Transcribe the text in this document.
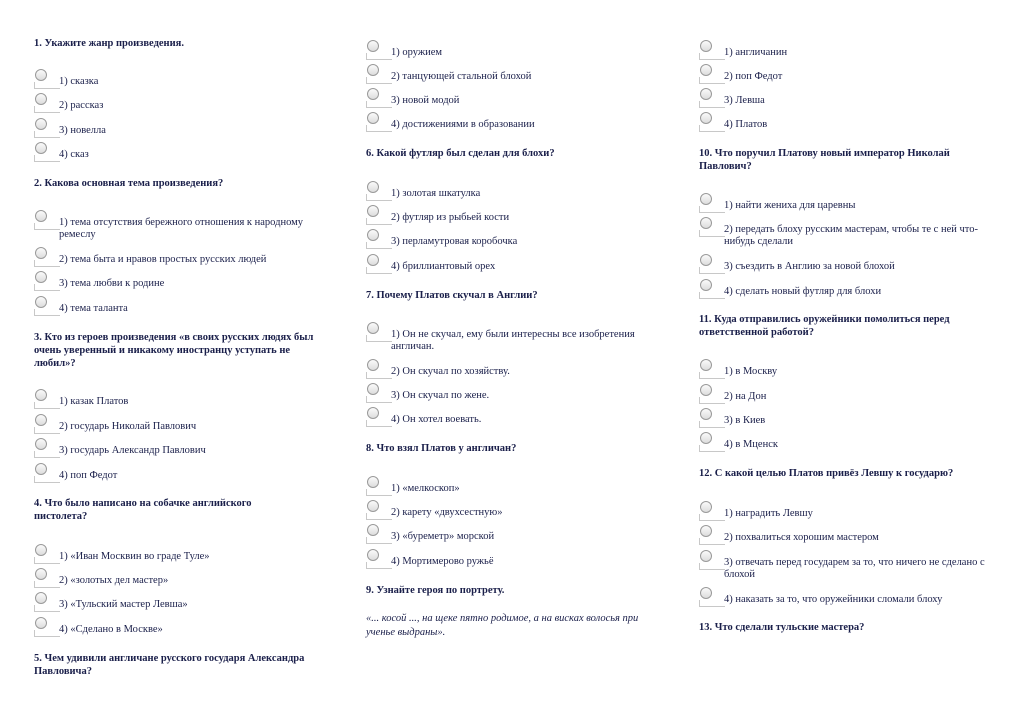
1. Укажите жанр произведения.

1) сказка
2) рассказ
3) новелла
4) сказ

2. Какова основная тема произведения?

1) тема отсутствия бережного отношения к народному ремеслу
2) тема быта и нравов простых русских людей
3) тема любви к родине
4) тема таланта

3. Кто из героев произведения «в своих русских людях был очень уверенный и никакому иностранцу уступать не любил»?

1) казак Платов
2) государь Николай Павлович
3) государь Александр Павлович
4) поп Федот

4. Что было написано на собачке английского пистолета?

1) «Иван Москвин во граде Туле»
2) «золотых дел мастер»
3) «Тульский мастер Левша»
4) «Сделано в Москве»

5. Чем удивили англичане русского государя Александра Павловича?

1) оружием
2) танцующей стальной блохой
3) новой модой
4) достижениями в образовании

6. Какой футляр был сделан для блохи?

1) золотая шкатулка
2) футляр из рыбьей кости
3) перламутровая коробочка
4) бриллиантовый орех

7. Почему Платов скучал в Англии?

1) Он не скучал, ему были интересны все изобретения англичан.
2) Он скучал по хозяйству.
3) Он скучал по жене.
4) Он хотел воевать.

8. Что взял Платов у англичан?

1) «мелкоскоп»
2) карету «двухсестную»
3) «буреметр» морской
4) Мортимерово ружьё

9. Узнайте героя по портрету.

«... косой ..., на щеке пятно родимое, а на висках волосья при ученье выдраны».
1) англичанин
2) поп Федот
3) Левша
4) Платов

10. Что поручил Платову новый император Николай Павлович?

1) найти жениха для царевны
2) передать блоху русским мастерам, чтобы те с ней что-нибудь сделали
3) съездить в Англию за новой блохой
4) сделать новый футляр для блохи

11. Куда отправились оружейники помолиться перед ответственной работой?

1) в Москву
2) на Дон
3) в Киев
4) в Мценск

12. С какой целью Платов привёз Левшу к государю?

1) наградить Левшу
2) похвалиться хорошим мастером
3) отвечать перед государем за то, что ничего не сделано с блохой
4) наказать за то, что оружейники сломали блоху

13. Что сделали тульские мастера?
